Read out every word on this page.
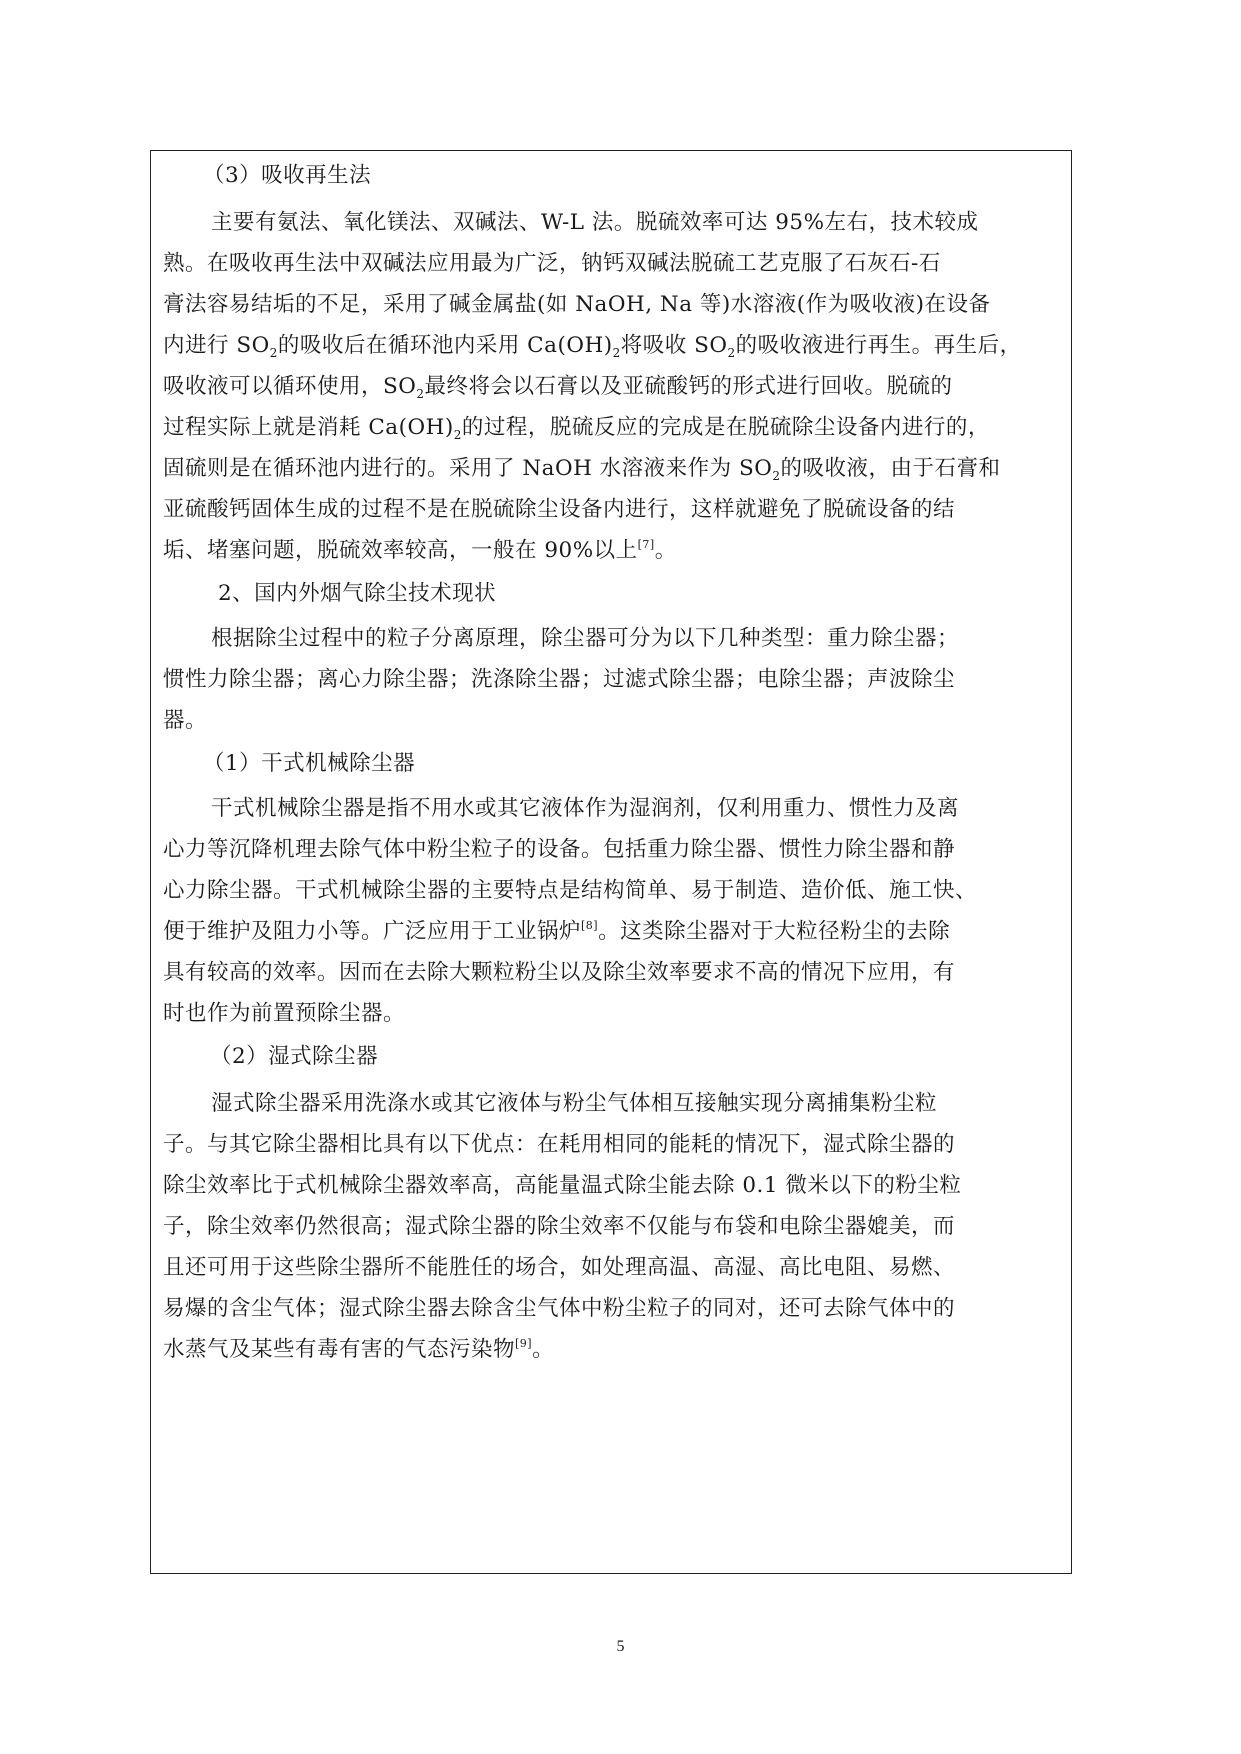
（3）吸收再生法
主要有氨法、氧化镁法、双碱法、W-L 法。脱硫效率可达 95%左右，技术较成
熟。在吸收再生法中双碱法应用最为广泛，钠钙双碱法脱硫工艺克服了石灰石-石
膏法容易结垢的不足，采用了碱金属盐(如 NaOH, Na 等)水溶液(作为吸收液)在设备
内进行 $SO_2$的吸收后在循环池内采用 $Ca(OH)_2$将吸收 $SO_2$的吸收液进行再生。再生后，
吸收液可以循环使用，$SO_2$最终将会以石膏以及亚硫酸钙的形式进行回收。脱硫的
过程实际上就是消耗 $Ca(OH)_2$的过程，脱硫反应的完成是在脱硫除尘设备内进行的，
固硫则是在循环池内进行的。采用了 NaOH 水溶液来作为 $SO_2$的吸收液，由于石膏和
亚硫酸钙固体生成的过程不是在脱硫除尘设备内进行，这样就避免了脱硫设备的结
垢、堵塞问题，脱硫效率较高，一般在 90%以上[7]。
2、国内外烟气除尘技术现状
根据除尘过程中的粒子分离原理，除尘器可分为以下几种类型：重力除尘器；
惯性力除尘器；离心力除尘器；洗涤除尘器；过滤式除尘器；电除尘器；声波除尘
器。
（1）干式机械除尘器
干式机械除尘器是指不用水或其它液体作为湿润剂，仅利用重力、惯性力及离
心力等沉降机理去除气体中粉尘粒子的设备。包括重力除尘器、惯性力除尘器和静
心力除尘器。干式机械除尘器的主要特点是结构简单、易于制造、造价低、施工快、
便于维护及阻力小等。广泛应用于工业锅炉[8]。这类除尘器对于大粒径粉尘的去除
具有较高的效率。因而在去除大颗粒粉尘以及除尘效率要求不高的情况下应用，有
时也作为前置预除尘器。
（2）湿式除尘器
湿式除尘器采用洗涤水或其它液体与粉尘气体相互接触实现分离捕集粉尘粒
子。与其它除尘器相比具有以下优点：在耗用相同的能耗的情况下，湿式除尘器的
除尘效率比于式机械除尘器效率高，高能量温式除尘能去除 0.1 微米以下的粉尘粒
子，除尘效率仍然很高；湿式除尘器的除尘效率不仅能与布袋和电除尘器媲美，而
且还可用于这些除尘器所不能胜任的场合，如处理高温、高湿、高比电阻、易燃、
易爆的含尘气体；湿式除尘器去除含尘气体中粉尘粒子的同对，还可去除气体中的
水蒸气及某些有毒有害的气态污染物[9]。
5
